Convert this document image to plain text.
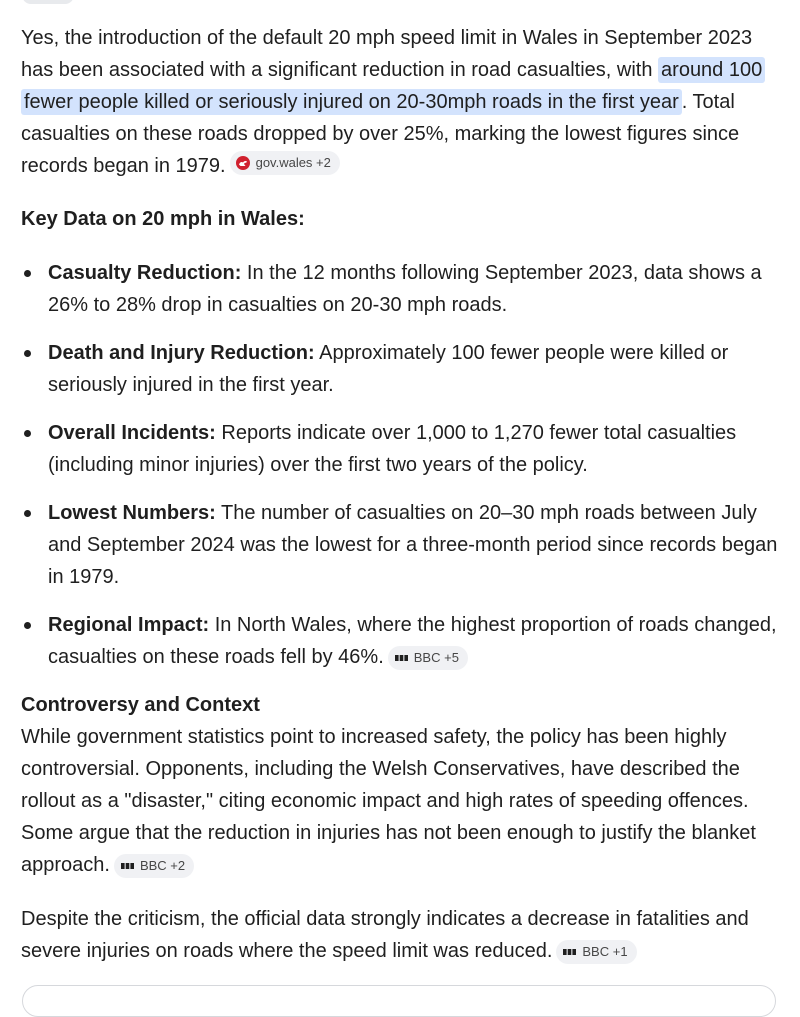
Yes, the introduction of the default 20 mph speed limit in Wales in September 2023 has been associated with a significant reduction in road casualties, with around 100 fewer people killed or seriously injured on 20-30mph roads in the first year . Total casualties on these roads dropped by over 25%, marking the lowest figures since records began in 1979. gov.wales +2

Key Data on 20 mph in Wales:
Casualty Reduction: In the 12 months following September 2023, data shows a 26% to 28% drop in casualties on 20-30 mph roads.
Death and Injury Reduction: Approximately 100 fewer people were killed or seriously injured in the first year.
Overall Incidents: Reports indicate over 1,000 to 1,270 fewer total casualties (including minor injuries) over the first two years of the policy.
Lowest Numbers: The number of casualties on 20–30 mph roads between July and September 2024 was the lowest for a three-month period since records began in 1979.
Regional Impact: In North Wales, where the highest proportion of roads changed, casualties on these roads fell by 46%. BBC +5
Controversy and Context

While government statistics point to increased safety, the policy has been highly controversial. Opponents, including the Welsh Conservatives, have described the rollout as a "disaster," citing economic impact and high rates of speeding offences. Some argue that the reduction in injuries has not been enough to justify the blanket approach. BBC +2

Despite the criticism, the official data strongly indicates a decrease in fatalities and severe injuries on roads where the speed limit was reduced. BBC +1
